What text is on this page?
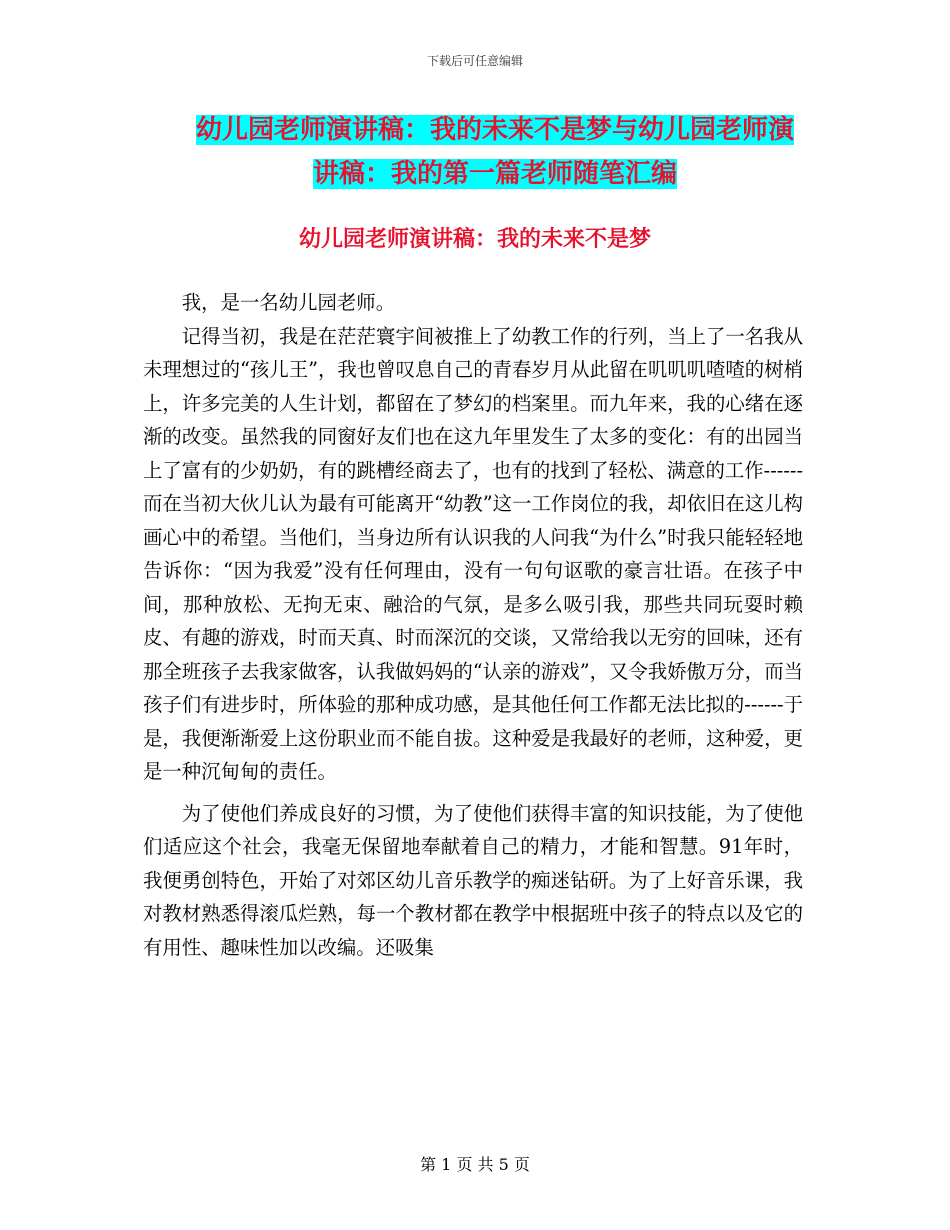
下载后可任意编辑
幼儿园老师演讲稿：我的未来不是梦与幼儿园老师演
讲稿：我的第一篇老师随笔汇编
幼儿园老师演讲稿：我的未来不是梦

我，是一名幼儿园老师。

记得当初，我是在茫茫寰宇间被推上了幼教工作的行列，当上了一名我从未理想过的“孩儿王”，我也曾叹息自己的青春岁月从此留在叽叽叽喳喳的树梢上，许多完美的人生计划，都留在了梦幻的档案里。而九年来，我的心绪在逐渐的改变。虽然我的同窗好友们也在这九年里发生了太多的变化：有的出园当上了富有的少奶奶，有的跳槽经商去了，也有的找到了轻松、满意的工作------而在当初大伙儿认为最有可能离开“幼教”这一工作岗位的我，却依旧在这儿构画心中的希望。当他们，当身边所有认识我的人问我“为什么”时我只能轻轻地告诉你：“因为我爱”没有任何理由，没有一句句讴歌的豪言壮语。在孩子中间，那种放松、无拘无束、融洽的气氛，是多么吸引我，那些共同玩耍时赖皮、有趣的游戏，时而天真、时而深沉的交谈，又常给我以无穷的回味，还有那全班孩子去我家做客，认我做妈妈的“认亲的游戏”，又令我娇傲万分，而当孩子们有进步时，所体验的那种成功感，是其他任何工作都无法比拟的------于是，我便渐渐爱上这份职业而不能自拔。这种爱是我最好的老师，这种爱，更是一种沉甸甸的责任。

为了使他们养成良好的习惯，为了使他们获得丰富的知识技能，为了使他们适应这个社会，我毫无保留地奉献着自己的精力，才能和智慧。91年时，我便勇创特色，开始了对郊区幼儿音乐教学的痴迷钻研。为了上好音乐课，我对教材熟悉得滚瓜烂熟，每一个教材都在教学中根据班中孩子的特点以及它的有用性、趣味性加以改编。还吸集

第 1 页 共 5 页
